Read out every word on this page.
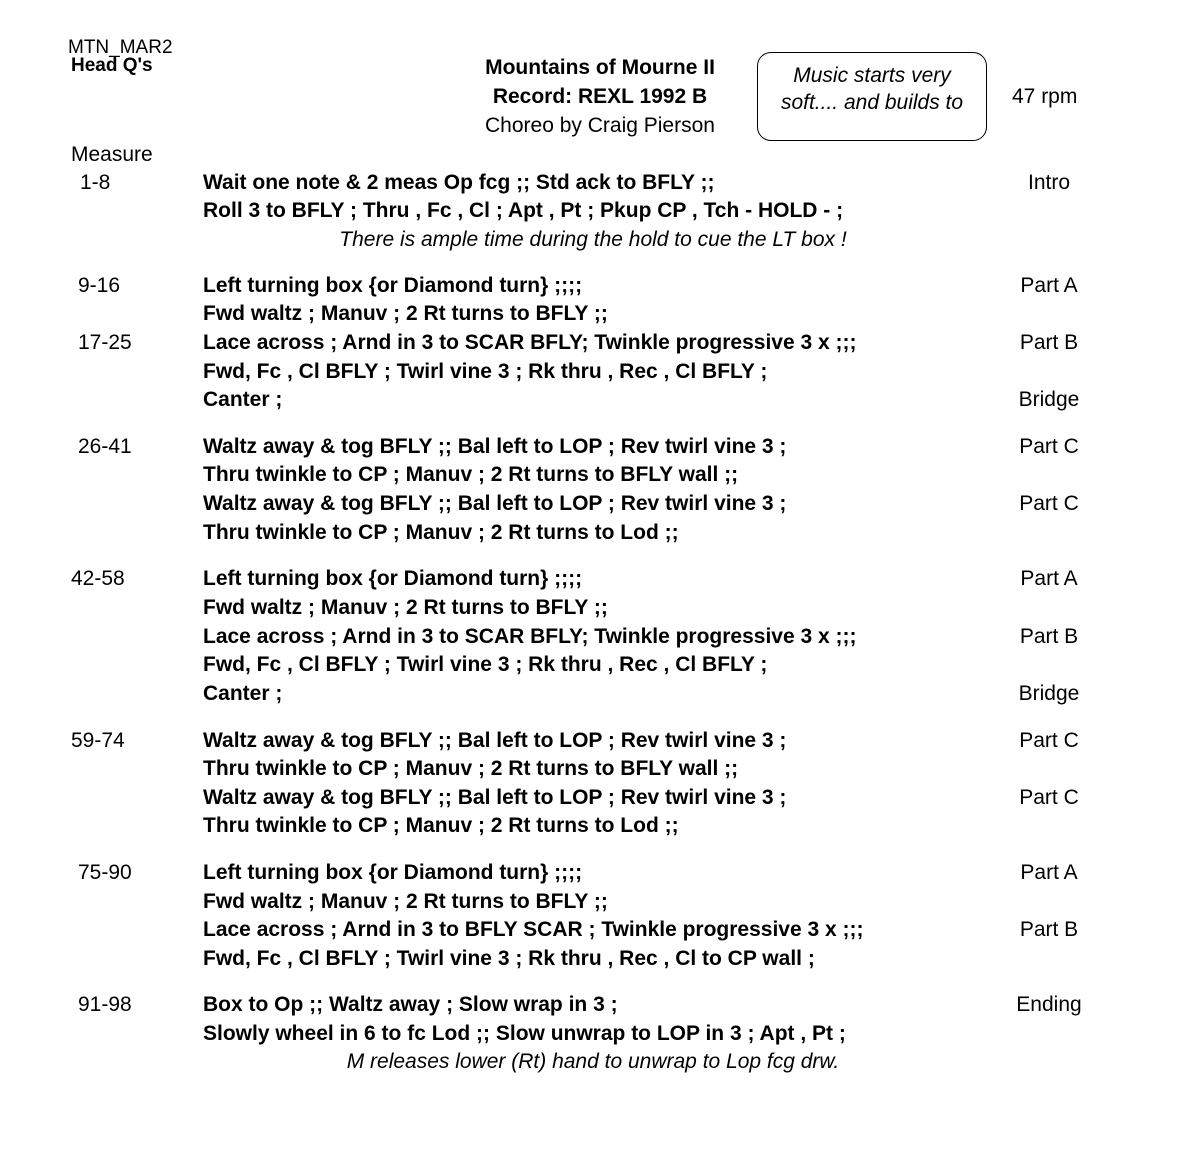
MTN_MAR2
Head Q's	Mountains of Mourne II
Record: REXL 1992 B
Choreo by Craig Pierson
Music starts very
soft.... and builds to	47 rpm
Measure
1-8
9-16
17-25
26-41
42-58
59-74
75-90
91-98
Wait one note & 2 meas Op fcg ;; Std ack to BFLY ;;
Roll 3 to BFLY ; Thru , Fc , Cl ; Apt , Pt ; Pkup CP , Tch - HOLD - ;
There is ample time during the hold to cue the LT box !
Left turning box {or Diamond turn} ;;;;
Fwd waltz ; Manuv ; 2 Rt turns to BFLY ;;
Lace across ; Arnd in 3 to SCAR BFLY; Twinkle progressive 3 x ;;;
Fwd, Fc , Cl BFLY ; Twirl vine 3 ; Rk thru , Rec , Cl BFLY ;
Canter ;
Waltz away & tog BFLY ;; Bal left to LOP ; Rev twirl vine 3 ;
Thru twinkle to CP ; Manuv ; 2 Rt turns to BFLY wall ;;
Waltz away & tog BFLY ;; Bal left to LOP ; Rev twirl vine 3 ;
Thru twinkle to CP ; Manuv ; 2 Rt turns to Lod ;;
Left turning box {or Diamond turn} ;;;;
Fwd waltz ; Manuv ; 2 Rt turns to BFLY ;;
Lace across ; Arnd in 3 to SCAR BFLY; Twinkle progressive 3 x ;;;
Fwd, Fc , Cl BFLY ; Twirl vine 3 ; Rk thru , Rec , Cl BFLY ;
Canter ;
Waltz away & tog BFLY ;; Bal left to LOP ; Rev twirl vine 3 ;
Thru twinkle to CP ; Manuv ; 2 Rt turns to BFLY wall ;;
Waltz away & tog BFLY ;; Bal left to LOP ; Rev twirl vine 3 ;
Thru twinkle to CP ; Manuv ; 2 Rt turns to Lod ;;
Left turning box {or Diamond turn} ;;;;
Fwd waltz ; Manuv ; 2 Rt turns to BFLY ;;
Lace across ; Arnd in 3 to BFLY SCAR ; Twinkle progressive 3 x ;;;
Fwd, Fc , Cl BFLY ; Twirl vine 3 ; Rk thru , Rec , Cl to CP wall ;
Box to Op ;; Waltz away ; Slow wrap in 3 ;
Slowly wheel in 6 to fc Lod ;; Slow unwrap to LOP in 3 ; Apt , Pt ;
M releases lower (Rt) hand to unwrap to Lop fcg drw.
Intro
Part A
Part B
Bridge
Part C
Part C
Part A
Part B
Bridge
Part C
Part C
Part A
Part B
Ending
